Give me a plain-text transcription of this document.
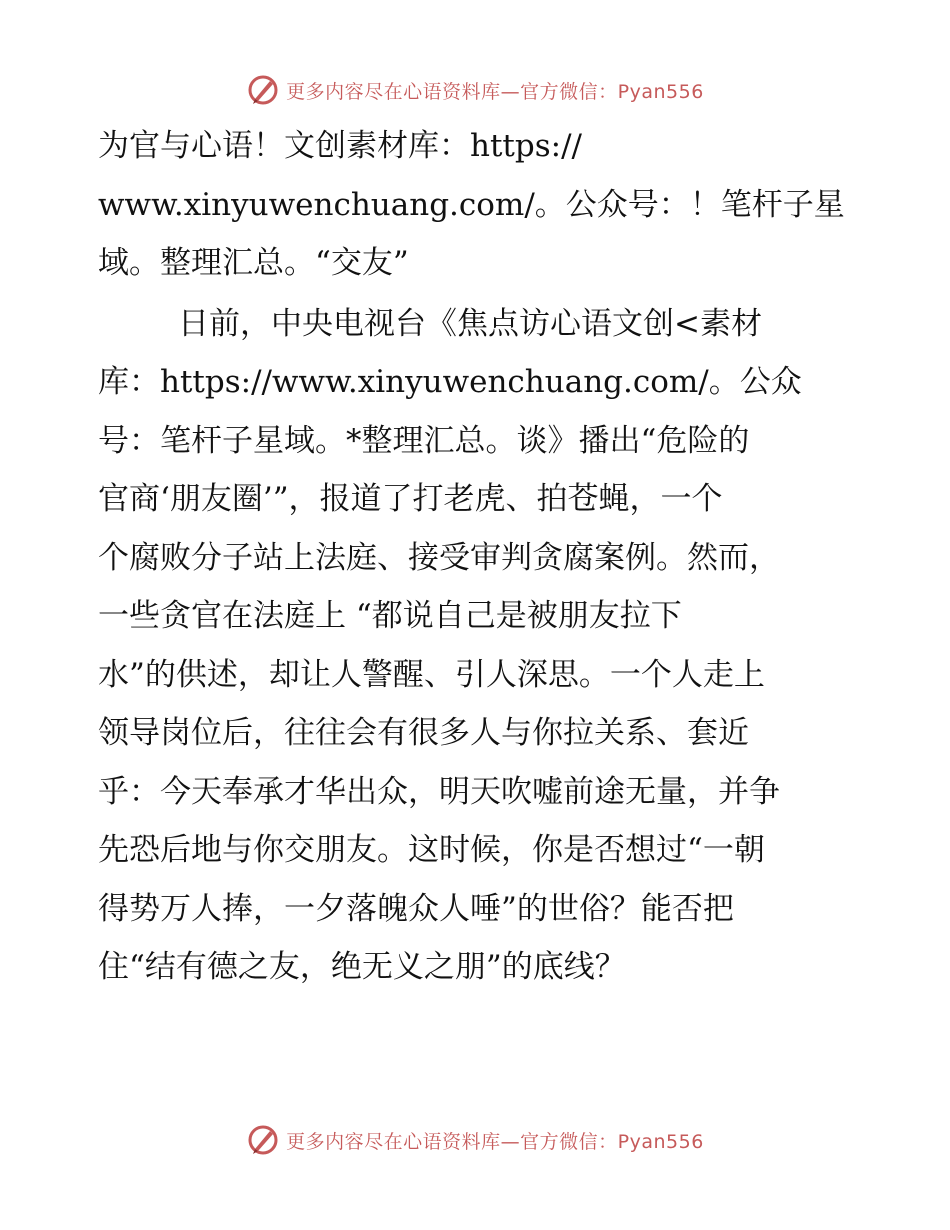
更多内容尽在心语资料库—官方微信：Pyan556

为官与心语！文创素材库：https://
www.xinyuwenchuang.com/。公众号：！笔杆子星
域。整理汇总。“交友”

日前，中央电视台《焦点访心语文创<素材
库：https://www.xinyuwenchuang.com/。公众
号：笔杆子星域。*整理汇总。谈》播出“危险的
官商‘朋友圈’”，报道了打老虎、拍苍蝇，一个
个腐败分子站上法庭、接受审判贪腐案例。然而，
一些贪官在法庭上 “都说自己是被朋友拉下
水”的供述，却让人警醒、引人深思。一个人走上
领导岗位后，往往会有很多人与你拉关系、套近
乎：今天奉承才华出众，明天吹嘘前途无量，并争
先恐后地与你交朋友。这时候，你是否想过“一朝
得势万人捧，一夕落魄众人唾”的世俗？能否把
住“结有德之友，绝无义之朋”的底线？

更多内容尽在心语资料库—官方微信：Pyan556
